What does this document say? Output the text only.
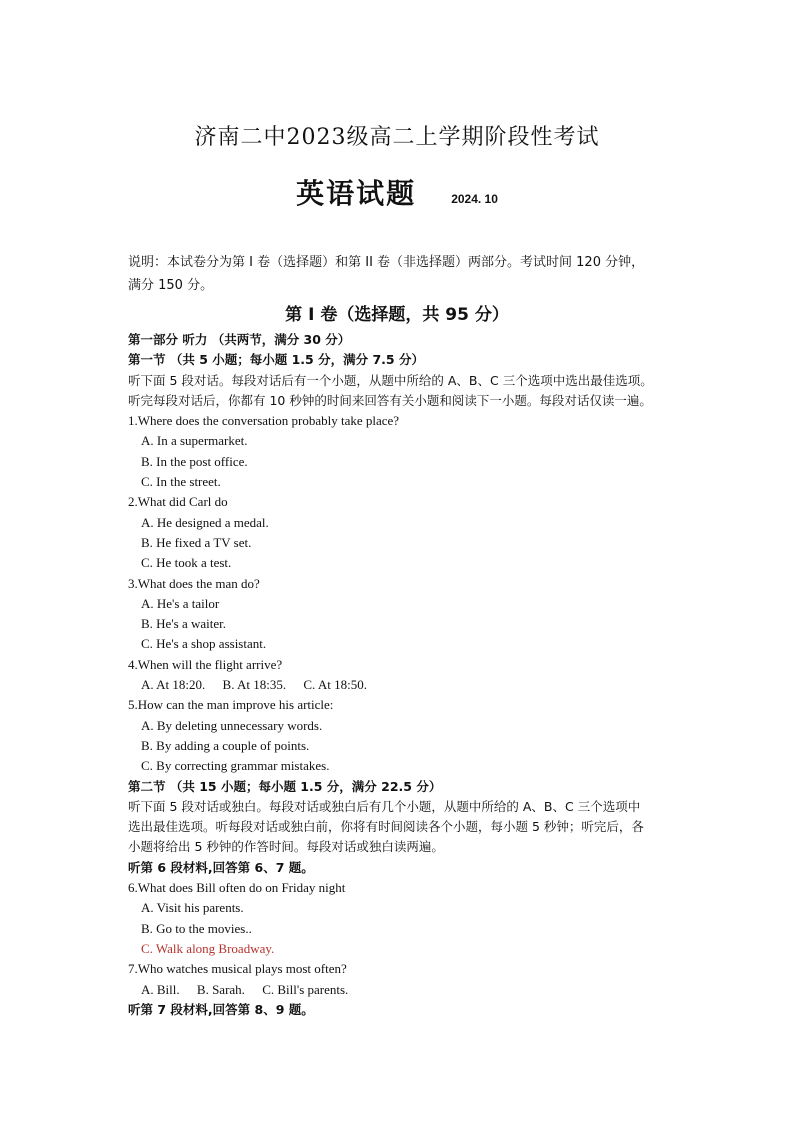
济南二中2023级高二上学期阶段性考试
英语试题	2024. 10
说明：本试卷分为第 I 卷（选择题）和第 II 卷（非选择题）两部分。考试时间 120 分钟，
满分 150 分。
第 I 卷（选择题，共 95 分）
第一部分 听力 （共两节，满分 30 分）
第一节 （共 5 小题；每小题 1.5 分，满分 7.5 分）
听下面 5 段对话。每段对话后有一个小题，从题中所给的 A、B、C 三个选项中选出最佳选项。
听完每段对话后，你都有 10 秒钟的时间来回答有关小题和阅读下一小题。每段对话仅读一遍。
1.Where does the conversation probably take place?
A. In a supermarket.
B. In the post office.
C. In the street.
2.What did Carl do
A. He designed a medal.
B. He fixed a TV set.
C. He took a test.
3.What does the man do?
A. He's a tailor
B. He's a waiter.
C. He's a shop assistant.
4.When will the flight arrive?
A. At 18:20. B. At 18:35. C. At 18:50.
5.How can the man improve his article:
A. By deleting unnecessary words.
B. By adding a couple of points.
C. By correcting grammar mistakes.
第二节 （共 15 小题；每小题 1.5 分，满分 22.5 分）
听下面 5 段对话或独白。每段对话或独白后有几个小题，从题中所给的 A、B、C 三个选项中
选出最佳选项。听每段对话或独白前，你将有时间阅读各个小题，每小题 5 秒钟；听完后，各
小题将给出 5 秒钟的作答时间。每段对话或独白读两遍。
听第 6 段材料,回答第 6、7 题。
6.What does Bill often do on Friday night
A. Visit his parents.
B. Go to the movies..
C. Walk along Broadway.
7.Who watches musical plays most often?
A. Bill. B. Sarah. C. Bill's parents.
听第 7 段材料,回答第 8、9 题。
